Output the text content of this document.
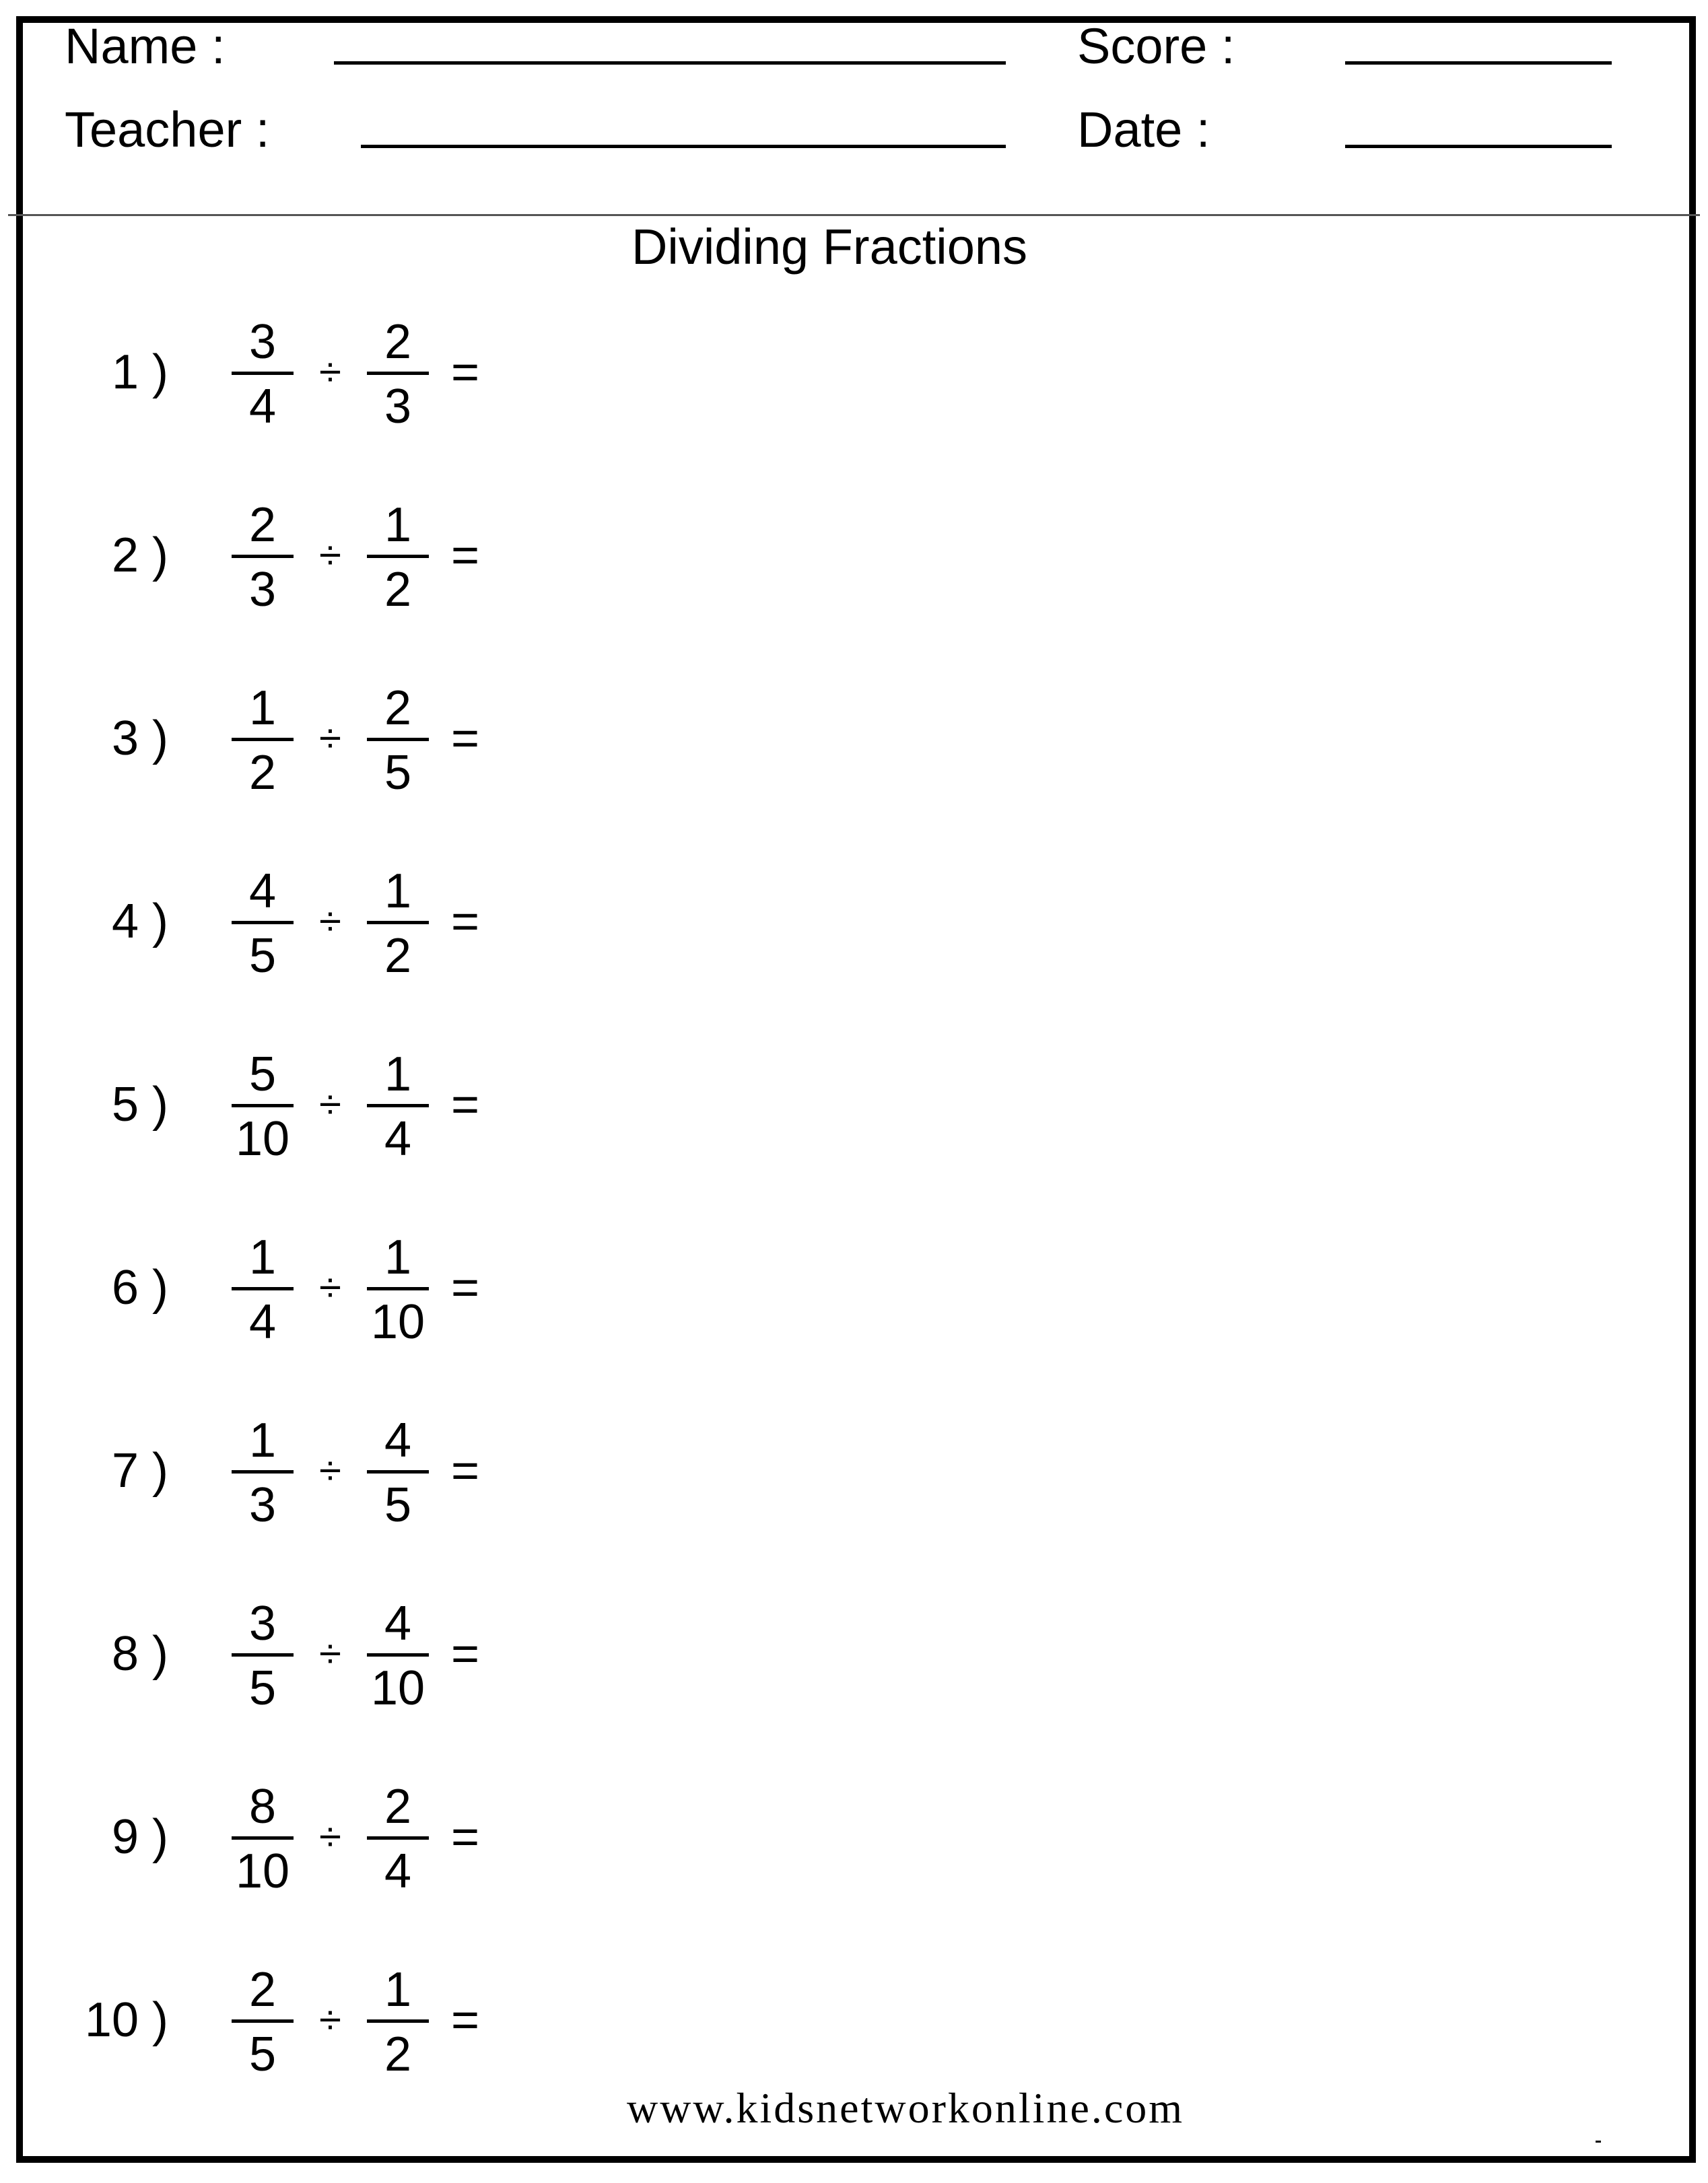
Name :	Score :
Teacher :	Date :
Dividing Fractions
1 )
3
4
÷
2
3
=
2 )
2
3
÷
1
2
=
3 )
1
2
÷
2
5
=
4 )
4
5
÷
1
2
=
5 )
5
10
÷
1
4
=
6 )
1
4
÷
1
10
=
7 )
1
3
÷
4
5
=
8 )
3
5
÷
4
10
=
9 )
8
10
÷
2
4
=
10 )
2
5
÷
1
2
=
www.kidsnetworkonline.com
